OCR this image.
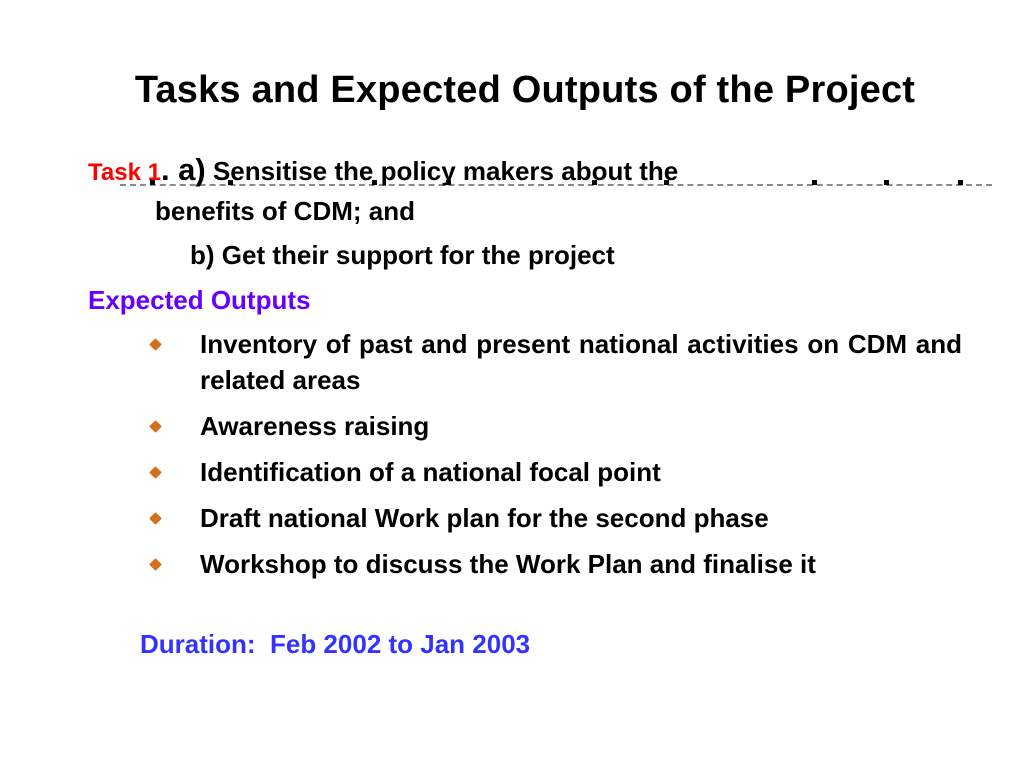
Tasks and Expected Outputs of the Project
Task 1. a) Sensitise the policy makers about the
benefits of CDM; and
b) Get their support for the project
Expected Outputs
Inventory of past and present national activities on CDM and related areas
Awareness raising
Identification of a national focal point
Draft national Work plan for the second phase
Workshop to discuss the Work Plan and finalise it
Duration:  Feb 2002 to Jan 2003
